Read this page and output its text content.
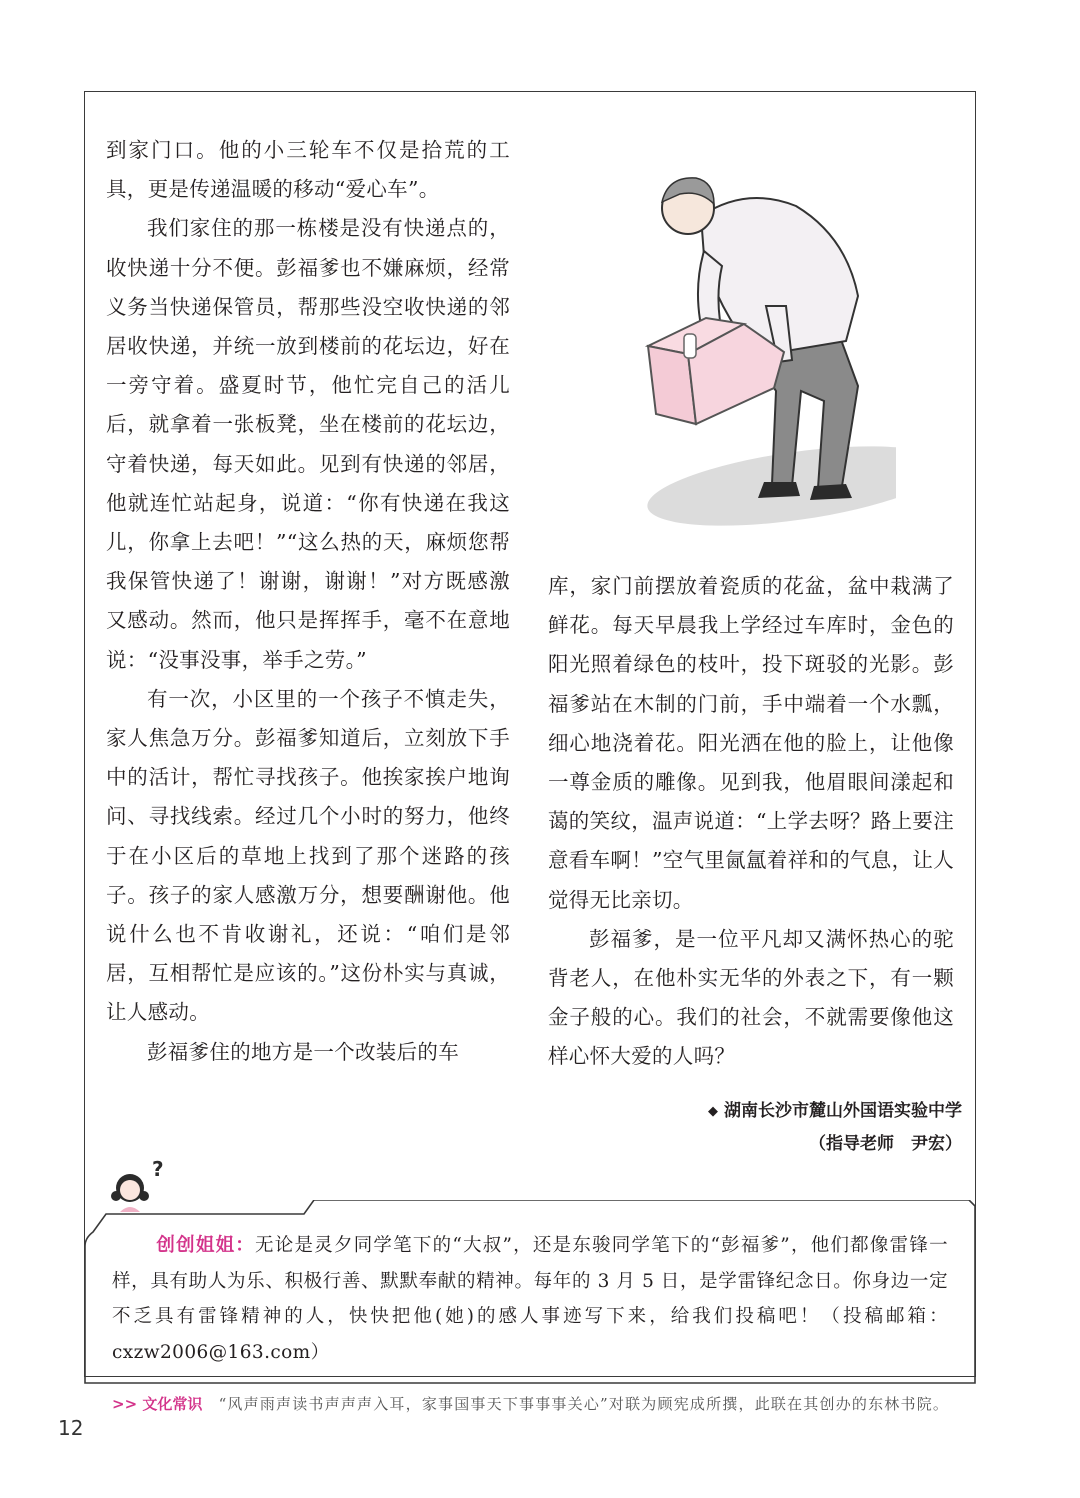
到家门口。他的小三轮车不仅是拾荒的工具，更是传递温暖的移动“爱心车”。

我们家住的那一栋楼是没有快递点的，收快递十分不便。彭福爹也不嫌麻烦，经常义务当快递保管员，帮那些没空收快递的邻居收快递，并统一放到楼前的花坛边，好在一旁守着。盛夏时节，他忙完自己的活儿后，就拿着一张板凳，坐在楼前的花坛边，守着快递，每天如此。见到有快递的邻居，他就连忙站起身，说道：“你有快递在我这儿，你拿上去吧！”“这么热的天，麻烦您帮我保管快递了！谢谢，谢谢！”对方既感激又感动。然而，他只是挥挥手，毫不在意地说：“没事没事，举手之劳。”

有一次，小区里的一个孩子不慎走失，家人焦急万分。彭福爹知道后，立刻放下手中的活计，帮忙寻找孩子。他挨家挨户地询问、寻找线索。经过几个小时的努力，他终于在小区后的草地上找到了那个迷路的孩子。孩子的家人感激万分，想要酬谢他。他说什么也不肯收谢礼，还说：“咱们是邻居，互相帮忙是应该的。”这份朴实与真诚，让人感动。

彭福爹住的地方是一个改装后的车

库，家门前摆放着瓷质的花盆，盆中栽满了鲜花。每天早晨我上学经过车库时，金色的阳光照着绿色的枝叶，投下斑驳的光影。彭福爹站在木制的门前，手中端着一个水瓢，细心地浇着花。阳光洒在他的脸上，让他像一尊金质的雕像。见到我，他眉眼间漾起和蔼的笑纹，温声说道：“上学去呀？路上要注意看车啊！”空气里氤氲着祥和的气息，让人觉得无比亲切。

彭福爹，是一位平凡却又满怀热心的驼背老人，在他朴实无华的外表之下，有一颗金子般的心。我们的社会，不就需要像他这样心怀大爱的人吗？

◆ 湖南长沙市麓山外国语实验中学
（指导老师　尹宏）
?
创创姐姐：无论是灵夕同学笔下的“大叔”，还是东骏同学笔下的“彭福爹”，他们都像雷锋一样，具有助人为乐、积极行善、默默奉献的精神。每年的 3 月 5 日，是学雷锋纪念日。你身边一定不乏具有雷锋精神的人，快快把他(她)的感人事迹写下来，给我们投稿吧！（投稿邮箱：cxzw2006@163.com）
>> 文化常识　 “风声雨声读书声声声入耳，家事国事天下事事事关心”对联为顾宪成所撰，此联在其创办的东林书院。
12
